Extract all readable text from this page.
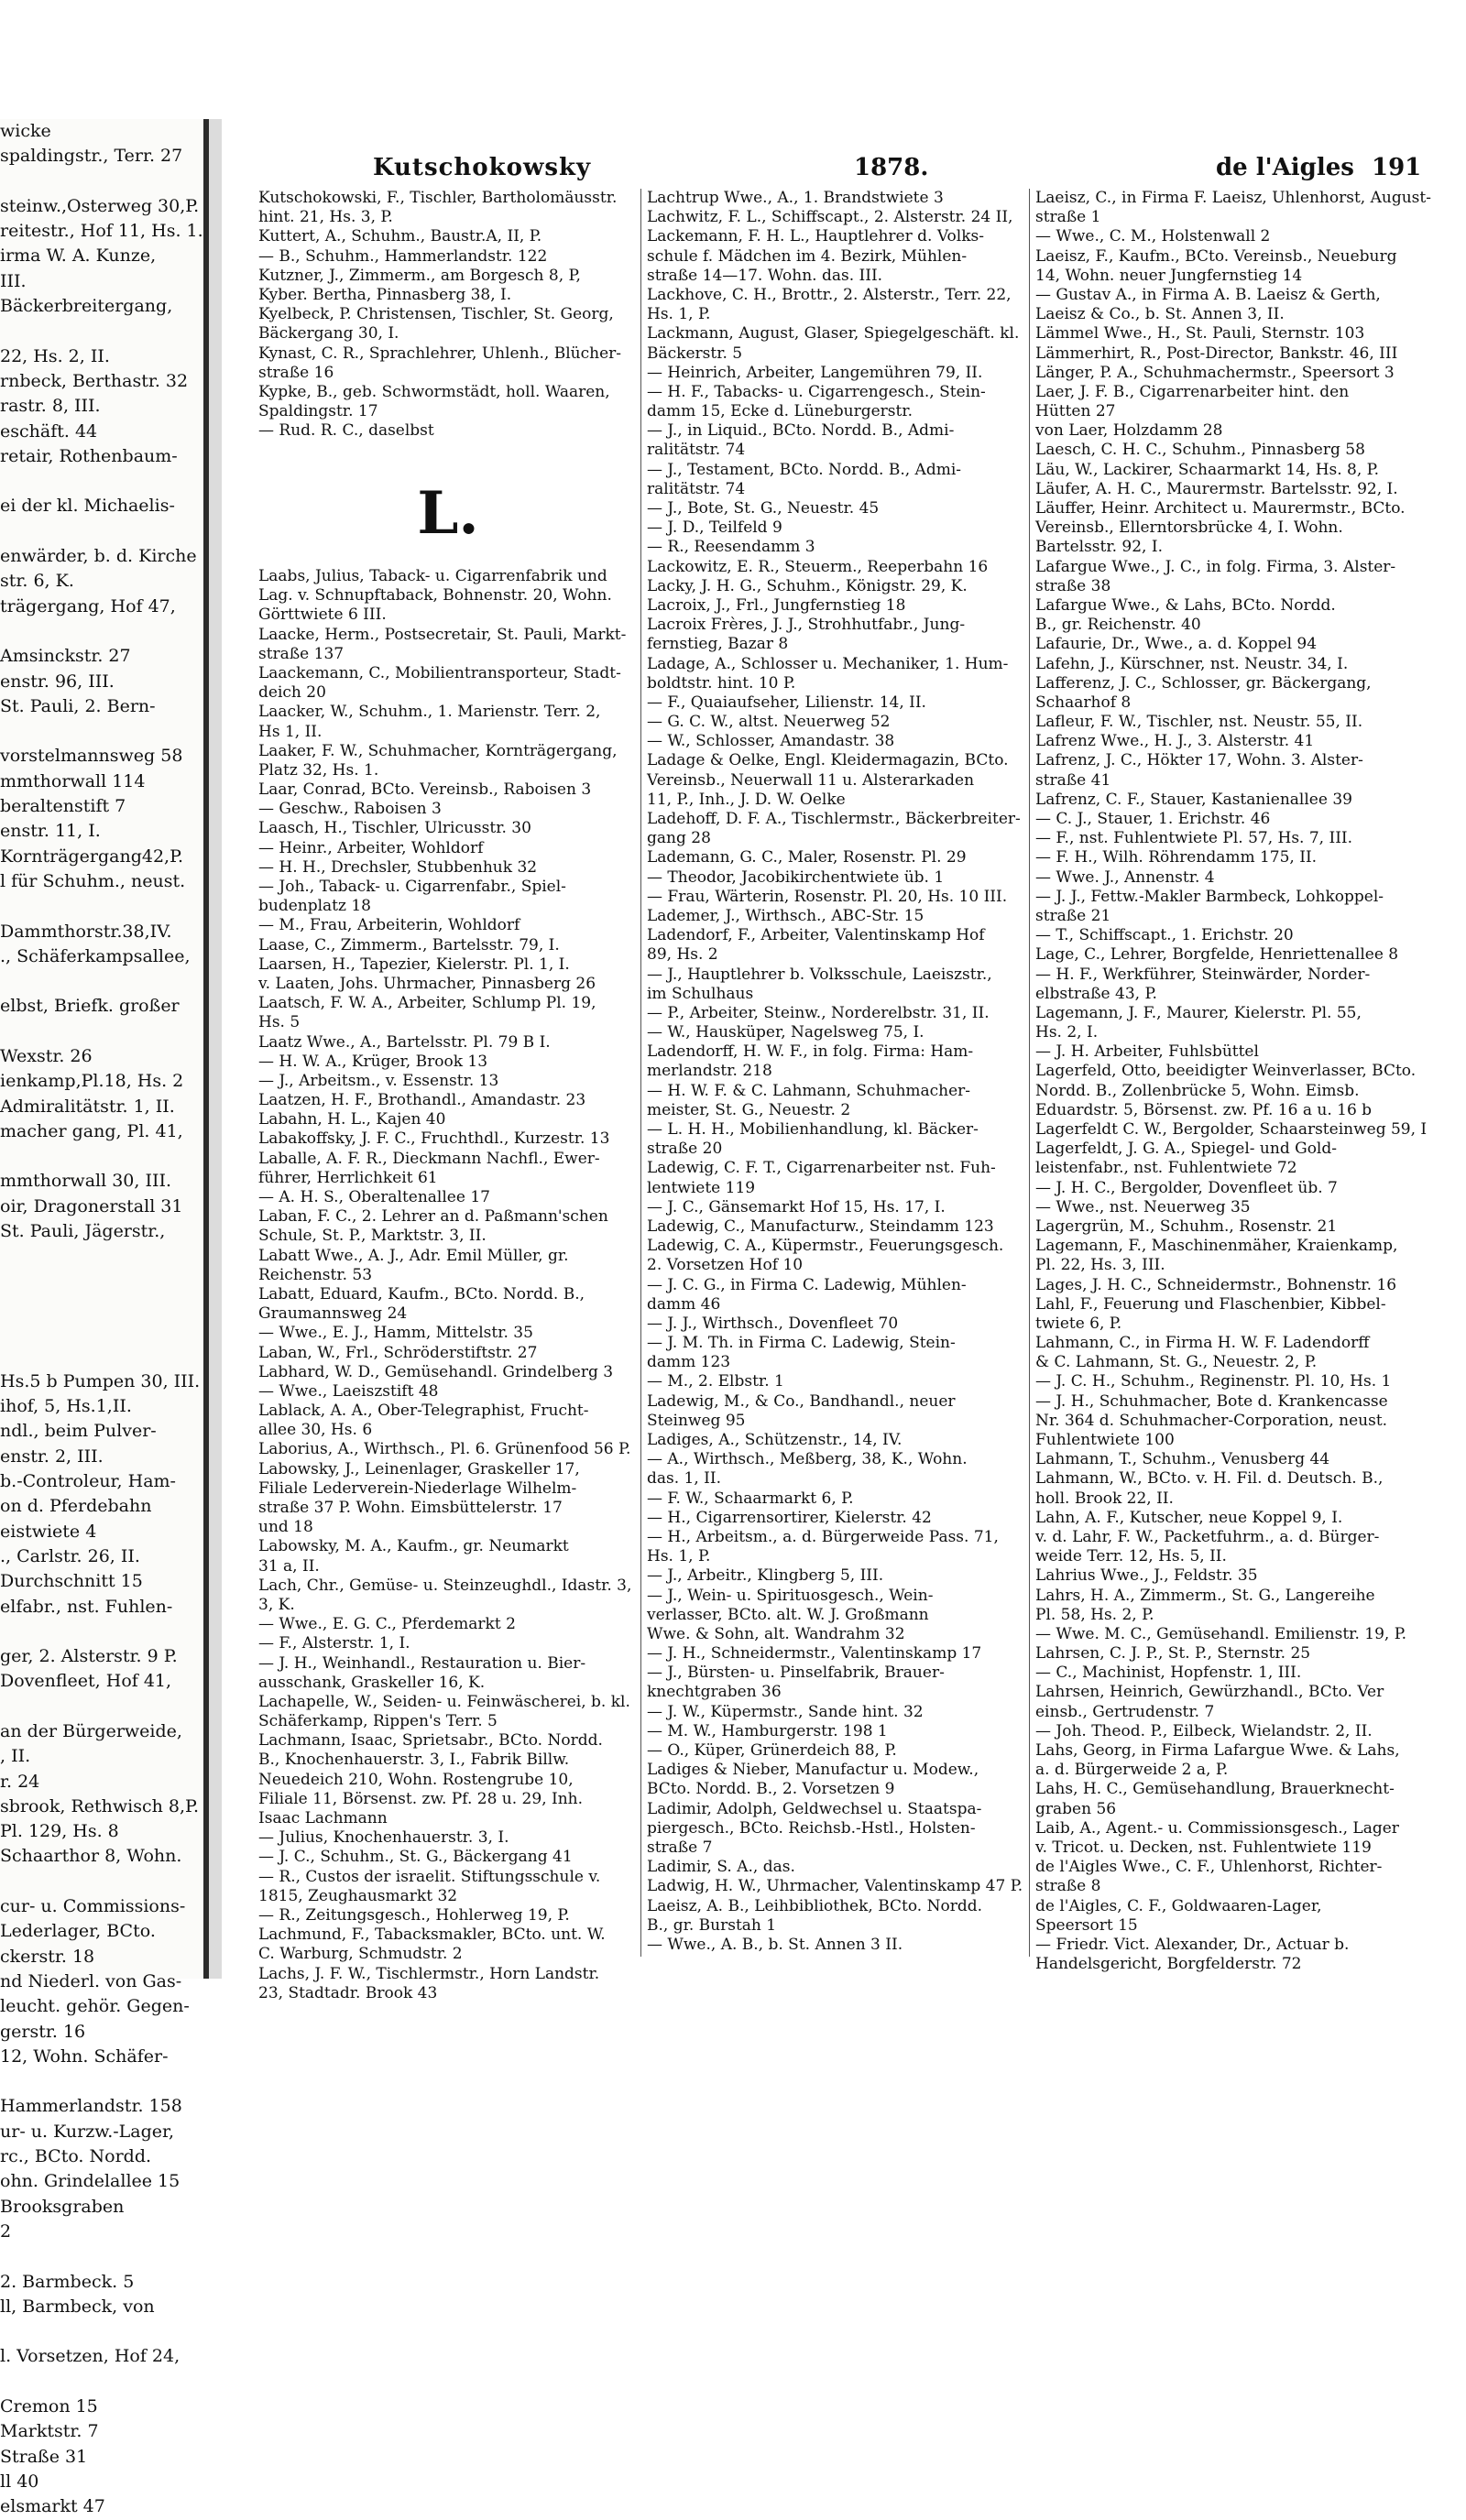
wicke
spaldingstr., Terr. 27
steinw.,Osterweg 30,P.
reitestr., Hof 11, Hs. 1.
irma W. A. Kunze,
III.
Bäckerbreitergang,
22, Hs. 2, II.
rnbeck, Berthastr. 32
rastr. 8, III.
eschäft. 44
retair, Rothenbaum-
ei der kl. Michaelis-
enwärder, b. d. Kirche
str. 6, K.
trägergang, Hof 47,
Amsinckstr. 27
enstr. 96, III.
St. Pauli, 2. Bern-
vorstelmannsweg 58
mmthorwall 114
beraltenstift 7
enstr. 11, I.
Kornträgergang42,P.
l für Schuhm., neust.
Dammthorstr.38,IV.
., Schäferkampsallee,
elbst, Briefk. großer
Wexstr. 26
ienkamp,Pl.18, Hs. 2
Admiralitätstr. 1, II.
macher gang, Pl. 41,
mmthorwall 30, III.
oir, Dragonerstall 31
St. Pauli, Jägerstr.,
Hs.5 b Pumpen 30, III.
ihof, 5, Hs.1,II.
ndl., beim Pulver-
enstr. 2, III.
b.-Controleur, Ham-
on d. Pferdebahn
eistwiete 4
., Carlstr. 26, II.
Durchschnitt 15
elfabr., nst. Fuhlen-
ger, 2. Alsterstr. 9 P.
Dovenfleet, Hof 41,
an der Bürgerweide,
, II.
r. 24
sbrook, Rethwisch 8,P.
Pl. 129, Hs. 8
Schaarthor 8, Wohn.
cur- u. Commissions-
Lederlager, BCto.
ckerstr. 18
nd Niederl. von Gas-
leucht. gehör. Gegen-
gerstr. 16
12, Wohn. Schäfer-
Hammerlandstr. 158
ur- u. Kurzw.-Lager,
rc., BCto. Nordd.
ohn. Grindelallee 15
Brooksgraben
2
2. Barmbeck. 5
ll, Barmbeck, von
l. Vorsetzen, Hof 24,
Cremon 15
Marktstr. 7
Straße 31
ll 40
elsmarkt 47
Kutschokowsky	1878.	de l'Aigles 191
Kutschokowski, F., Tischler, Bartholomäusstr.
hint. 21, Hs. 3, P.
Kuttert, A., Schuhm., Baustr.A, II, P.
— B., Schuhm., Hammerlandstr. 122
Kutzner, J., Zimmerm., am Borgesch 8, P,
Kyber. Bertha, Pinnasberg 38, I.
Kyelbeck, P. Christensen, Tischler, St. Georg,
Bäckergang 30, I.
Kynast, C. R., Sprachlehrer, Uhlenh., Blücher-
straße 16
Kypke, B., geb. Schwormstädt, holl. Waaren,
Spaldingstr. 17
— Rud. R. C., daselbst
L.
Laabs, Julius, Taback- u. Cigarrenfabrik und
Lag. v. Schnupftaback, Bohnenstr. 20, Wohn.
Görttwiete 6 III.
Laacke, Herm., Postsecretair, St. Pauli, Markt-
straße 137
Laackemann, C., Mobilientransporteur, Stadt-
deich 20
Laacker, W., Schuhm., 1. Marienstr. Terr. 2,
Hs 1, II.
Laaker, F. W., Schuhmacher, Kornträgergang,
Platz 32, Hs. 1.
Laar, Conrad, BCto. Vereinsb., Raboisen 3
— Geschw., Raboisen 3
Laasch, H., Tischler, Ulricusstr. 30
— Heinr., Arbeiter, Wohldorf
— H. H., Drechsler, Stubbenhuk 32
— Joh., Taback- u. Cigarrenfabr., Spiel-
budenplatz 18
— M., Frau, Arbeiterin, Wohldorf
Laase, C., Zimmerm., Bartelsstr. 79, I.
Laarsen, H., Tapezier, Kielerstr. Pl. 1, I.
v. Laaten, Johs. Uhrmacher, Pinnasberg 26
Laatsch, F. W. A., Arbeiter, Schlump Pl. 19,
Hs. 5
Laatz Wwe., A., Bartelsstr. Pl. 79 B I.
— H. W. A., Krüger, Brook 13
— J., Arbeitsm., v. Essenstr. 13
Laatzen, H. F., Brothandl., Amandastr. 23
Labahn, H. L., Kajen 40
Labakoffsky, J. F. C., Fruchthdl., Kurzestr. 13
Laballe, A. F. R., Dieckmann Nachfl., Ewer-
führer, Herrlichkeit 61
— A. H. S., Oberaltenallee 17
Laban, F. C., 2. Lehrer an d. Paßmann'schen
Schule, St. P., Marktstr. 3, II.
Labatt Wwe., A. J., Adr. Emil Müller, gr.
Reichenstr. 53
Labatt, Eduard, Kaufm., BCto. Nordd. B.,
Graumannsweg 24
— Wwe., E. J., Hamm, Mittelstr. 35
Laban, W., Frl., Schröderstiftstr. 27
Labhard, W. D., Gemüsehandl. Grindelberg 3
— Wwe., Laeiszstift 48
Lablack, A. A., Ober-Telegraphist, Frucht-
allee 30, Hs. 6
Laborius, A., Wirthsch., Pl. 6. Grünenfood 56 P.
Labowsky, J., Leinenlager, Graskeller 17,
Filiale Lederverein-Niederlage Wilhelm-
straße 37 P. Wohn. Eimsbüttelerstr. 17
und 18
Labowsky, M. A., Kaufm., gr. Neumarkt
31 a, II.
Lach, Chr., Gemüse- u. Steinzeughdl., Idastr. 3,
3, K.
— Wwe., E. G. C., Pferdemarkt 2
— F., Alsterstr. 1, I.
— J. H., Weinhandl., Restauration u. Bier-
ausschank, Graskeller 16, K.
Lachapelle, W., Seiden- u. Feinwäscherei, b. kl.
Schäferkamp, Rippen's Terr. 5
Lachmann, Isaac, Sprietsabr., BCto. Nordd.
B., Knochenhauerstr. 3, I., Fabrik Billw.
Neuedeich 210, Wohn. Rostengrube 10,
Filiale 11, Börsenst. zw. Pf. 28 u. 29, Inh.
Isaac Lachmann
— Julius, Knochenhauerstr. 3, I.
— J. C., Schuhm., St. G., Bäckergang 41
— R., Custos der israelit. Stiftungsschule v.
1815, Zeughausmarkt 32
— R., Zeitungsgesch., Hohlerweg 19, P.
Lachmund, F., Tabacksmakler, BCto. unt. W.
C. Warburg, Schmudstr. 2
Lachs, J. F. W., Tischlermstr., Horn Landstr.
23, Stadtadr. Brook 43
Lachtrup Wwe., A., 1. Brandstwiete 3
Lachwitz, F. L., Schiffscapt., 2. Alsterstr. 24 II,
Lackemann, F. H. L., Hauptlehrer d. Volks-
schule f. Mädchen im 4. Bezirk, Mühlen-
straße 14—17. Wohn. das. III.
Lackhove, C. H., Brottr., 2. Alsterstr., Terr. 22,
Hs. 1, P.
Lackmann, August, Glaser, Spiegelgeschäft. kl.
Bäckerstr. 5
— Heinrich, Arbeiter, Langemühren 79, II.
— H. F., Tabacks- u. Cigarrengesch., Stein-
damm 15, Ecke d. Lüneburgerstr.
— J., in Liquid., BCto. Nordd. B., Admi-
ralitätstr. 74
— J., Testament, BCto. Nordd. B., Admi-
ralitätstr. 74
— J., Bote, St. G., Neuestr. 45
— J. D., Teilfeld 9
— R., Reesendamm 3
Lackowitz, E. R., Steuerm., Reeperbahn 16
Lacky, J. H. G., Schuhm., Königstr. 29, K.
Lacroix, J., Frl., Jungfernstieg 18
Lacroix Frères, J. J., Strohhutfabr., Jung-
fernstieg, Bazar 8
Ladage, A., Schlosser u. Mechaniker, 1. Hum-
boldtstr. hint. 10 P.
— F., Quaiaufseher, Lilienstr. 14, II.
— G. C. W., altst. Neuerweg 52
— W., Schlosser, Amandastr. 38
Ladage & Oelke, Engl. Kleidermagazin, BCto.
Vereinsb., Neuerwall 11 u. Alsterarkaden
11, P., Inh., J. D. W. Oelke
Ladehoff, D. F. A., Tischlermstr., Bäckerbreiter-
gang 28
Lademann, G. C., Maler, Rosenstr. Pl. 29
— Theodor, Jacobikirchentwiete üb. 1
— Frau, Wärterin, Rosenstr. Pl. 20, Hs. 10 III.
Lademer, J., Wirthsch., ABC-Str. 15
Ladendorf, F., Arbeiter, Valentinskamp Hof
89, Hs. 2
— J., Hauptlehrer b. Volksschule, Laeiszstr.,
im Schulhaus
— P., Arbeiter, Steinw., Norderelbstr. 31, II.
— W., Hausküper, Nagelsweg 75, I.
Ladendorff, H. W. F., in folg. Firma: Ham-
merlandstr. 218
— H. W. F. & C. Lahmann, Schuhmacher-
meister, St. G., Neuestr. 2
— L. H. H., Mobilienhandlung, kl. Bäcker-
straße 20
Ladewig, C. F. T., Cigarrenarbeiter nst. Fuh-
lentwiete 119
— J. C., Gänsemarkt Hof 15, Hs. 17, I.
Ladewig, C., Manufacturw., Steindamm 123
Ladewig, C. A., Küpermstr., Feuerungsgesch.
2. Vorsetzen Hof 10
— J. C. G., in Firma C. Ladewig, Mühlen-
damm 46
— J. J., Wirthsch., Dovenfleet 70
— J. M. Th. in Firma C. Ladewig, Stein-
damm 123
— M., 2. Elbstr. 1
Ladewig, M., & Co., Bandhandl., neuer
Steinweg 95
Ladiges, A., Schützenstr., 14, IV.
— A., Wirthsch., Meßberg, 38, K., Wohn.
das. 1, II.
— F. W., Schaarmarkt 6, P.
— H., Cigarrensortirer, Kielerstr. 42
— H., Arbeitsm., a. d. Bürgerweide Pass. 71,
Hs. 1, P.
— J., Arbeitr., Klingberg 5, III.
— J., Wein- u. Spirituosgesch., Wein-
verlasser, BCto. alt. W. J. Großmann
Wwe. & Sohn, alt. Wandrahm 32
— J. H., Schneidermstr., Valentinskamp 17
— J., Bürsten- u. Pinselfabrik, Brauer-
knechtgraben 36
— J. W., Küpermstr., Sande hint. 32
— M. W., Hamburgerstr. 198 1
— O., Küper, Grünerdeich 88, P.
Ladiges & Nieber, Manufactur u. Modew.,
BCto. Nordd. B., 2. Vorsetzen 9
Ladimir, Adolph, Geldwechsel u. Staatspa-
piergesch., BCto. Reichsb.-Hstl., Holsten-
straße 7
Ladimir, S. A., das.
Ladwig, H. W., Uhrmacher, Valentinskamp 47 P.
Laeisz, A. B., Leihbibliothek, BCto. Nordd.
B., gr. Burstah 1
— Wwe., A. B., b. St. Annen 3 II.
Laeisz, C., in Firma F. Laeisz, Uhlenhorst, August-
straße 1
— Wwe., C. M., Holstenwall 2
Laeisz, F., Kaufm., BCto. Vereinsb., Neueburg
14, Wohn. neuer Jungfernstieg 14
— Gustav A., in Firma A. B. Laeisz & Gerth,
Laeisz & Co., b. St. Annen 3, II.
Lämmel Wwe., H., St. Pauli, Sternstr. 103
Lämmerhirt, R., Post-Director, Bankstr. 46, III
Länger, P. A., Schuhmachermstr., Speersort 3
Laer, J. F. B., Cigarrenarbeiter hint. den
Hütten 27
von Laer, Holzdamm 28
Laesch, C. H. C., Schuhm., Pinnasberg 58
Läu, W., Lackirer, Schaarmarkt 14, Hs. 8, P.
Läufer, A. H. C., Maurermstr. Bartelsstr. 92, I.
Läuffer, Heinr. Architect u. Maurermstr., BCto.
Vereinsb., Ellerntorsbrücke 4, I. Wohn.
Bartelsstr. 92, I.
Lafargue Wwe., J. C., in folg. Firma, 3. Alster-
straße 38
Lafargue Wwe., & Lahs, BCto. Nordd.
B., gr. Reichenstr. 40
Lafaurie, Dr., Wwe., a. d. Koppel 94
Lafehn, J., Kürschner, nst. Neustr. 34, I.
Lafferenz, J. C., Schlosser, gr. Bäckergang,
Schaarhof 8
Lafleur, F. W., Tischler, nst. Neustr. 55, II.
Lafrenz Wwe., H. J., 3. Alsterstr. 41
Lafrenz, J. C., Hökter 17, Wohn. 3. Alster-
straße 41
Lafrenz, C. F., Stauer, Kastanienallee 39
— C. J., Stauer, 1. Erichstr. 46
— F., nst. Fuhlentwiete Pl. 57, Hs. 7, III.
— F. H., Wilh. Röhrendamm 175, II.
— Wwe. J., Annenstr. 4
— J. J., Fettw.-Makler Barmbeck, Lohkoppel-
straße 21
— T., Schiffscapt., 1. Erichstr. 20
Lage, C., Lehrer, Borgfelde, Henriettenallee 8
— H. F., Werkführer, Steinwärder, Norder-
elbstraße 43, P.
Lagemann, J. F., Maurer, Kielerstr. Pl. 55,
Hs. 2, I.
— J. H. Arbeiter, Fuhlsbüttel
Lagerfeld, Otto, beeidigter Weinverlasser, BCto.
Nordd. B., Zollenbrücke 5, Wohn. Eimsb.
Eduardstr. 5, Börsenst. zw. Pf. 16 a u. 16 b
Lagerfeldt C. W., Bergolder, Schaarsteinweg 59, I
Lagerfeldt, J. G. A., Spiegel- und Gold-
leistenfabr., nst. Fuhlentwiete 72
— J. H. C., Bergolder, Dovenfleet üb. 7
— Wwe., nst. Neuerweg 35
Lagergrün, M., Schuhm., Rosenstr. 21
Lagemann, F., Maschinenmäher, Kraienkamp,
Pl. 22, Hs. 3, III.
Lages, J. H. C., Schneidermstr., Bohnenstr. 16
Lahl, F., Feuerung und Flaschenbier, Kibbel-
twiete 6, P.
Lahmann, C., in Firma H. W. F. Ladendorff
& C. Lahmann, St. G., Neuestr. 2, P.
— J. C. H., Schuhm., Reginenstr. Pl. 10, Hs. 1
— J. H., Schuhmacher, Bote d. Krankencasse
Nr. 364 d. Schuhmacher-Corporation, neust.
Fuhlentwiete 100
Lahmann, T., Schuhm., Venusberg 44
Lahmann, W., BCto. v. H. Fil. d. Deutsch. B.,
holl. Brook 22, II.
Lahn, A. F., Kutscher, neue Koppel 9, I.
v. d. Lahr, F. W., Packetfuhrm., a. d. Bürger-
weide Terr. 12, Hs. 5, II.
Lahrius Wwe., J., Feldstr. 35
Lahrs, H. A., Zimmerm., St. G., Langereihe
Pl. 58, Hs. 2, P.
— Wwe. M. C., Gemüsehandl. Emilienstr. 19, P.
Lahrsen, C. J. P., St. P., Sternstr. 25
— C., Machinist, Hopfenstr. 1, III.
Lahrsen, Heinrich, Gewürzhandl., BCto. Ver
einsb., Gertrudenstr. 7
— Joh. Theod. P., Eilbeck, Wielandstr. 2, II.
Lahs, Georg, in Firma Lafargue Wwe. & Lahs,
a. d. Bürgerweide 2 a, P.
Lahs, H. C., Gemüsehandlung, Brauerknecht-
graben 56
Laib, A., Agent.- u. Commissionsgesch., Lager
v. Tricot. u. Decken, nst. Fuhlentwiete 119
de l'Aigles Wwe., C. F., Uhlenhorst, Richter-
straße 8
de l'Aigles, C. F., Goldwaaren-Lager,
Speersort 15
— Friedr. Vict. Alexander, Dr., Actuar b.
Handelsgericht, Borgfelderstr. 72
